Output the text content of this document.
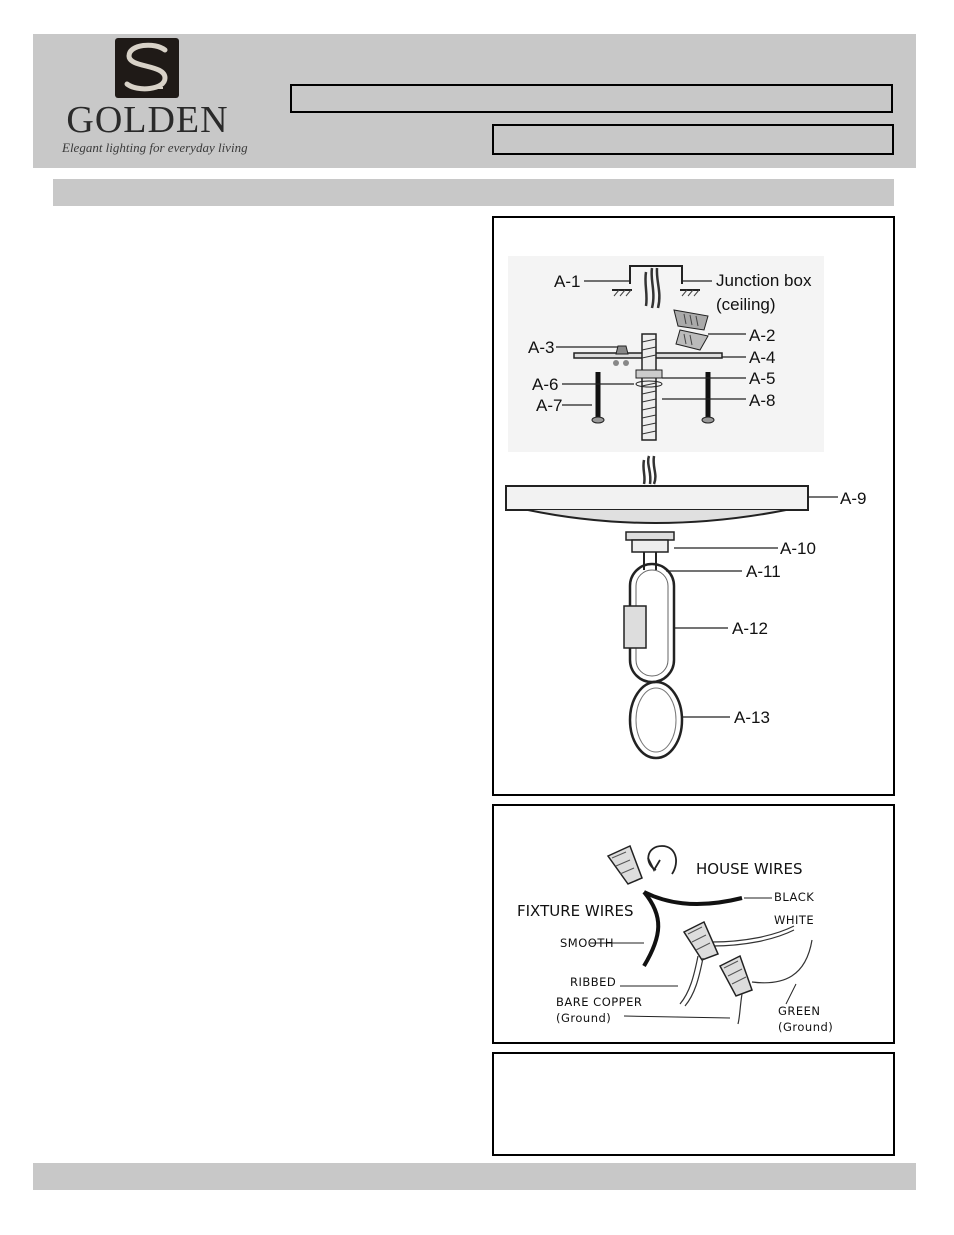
GOLDEN
Elegant lighting for everyday living
A-1	Junction box
(ceiling)
A-2
A-3
A-4
A-5
A-6
A-8
A-7
A-9
A-10
A-11
A-12
A-13
HOUSE WIRES
FIXTURE WIRES
BLACK
WHITE
SMOOTH
RIBBED
BARE COPPER
(Ground)	GREEN
(Ground)
